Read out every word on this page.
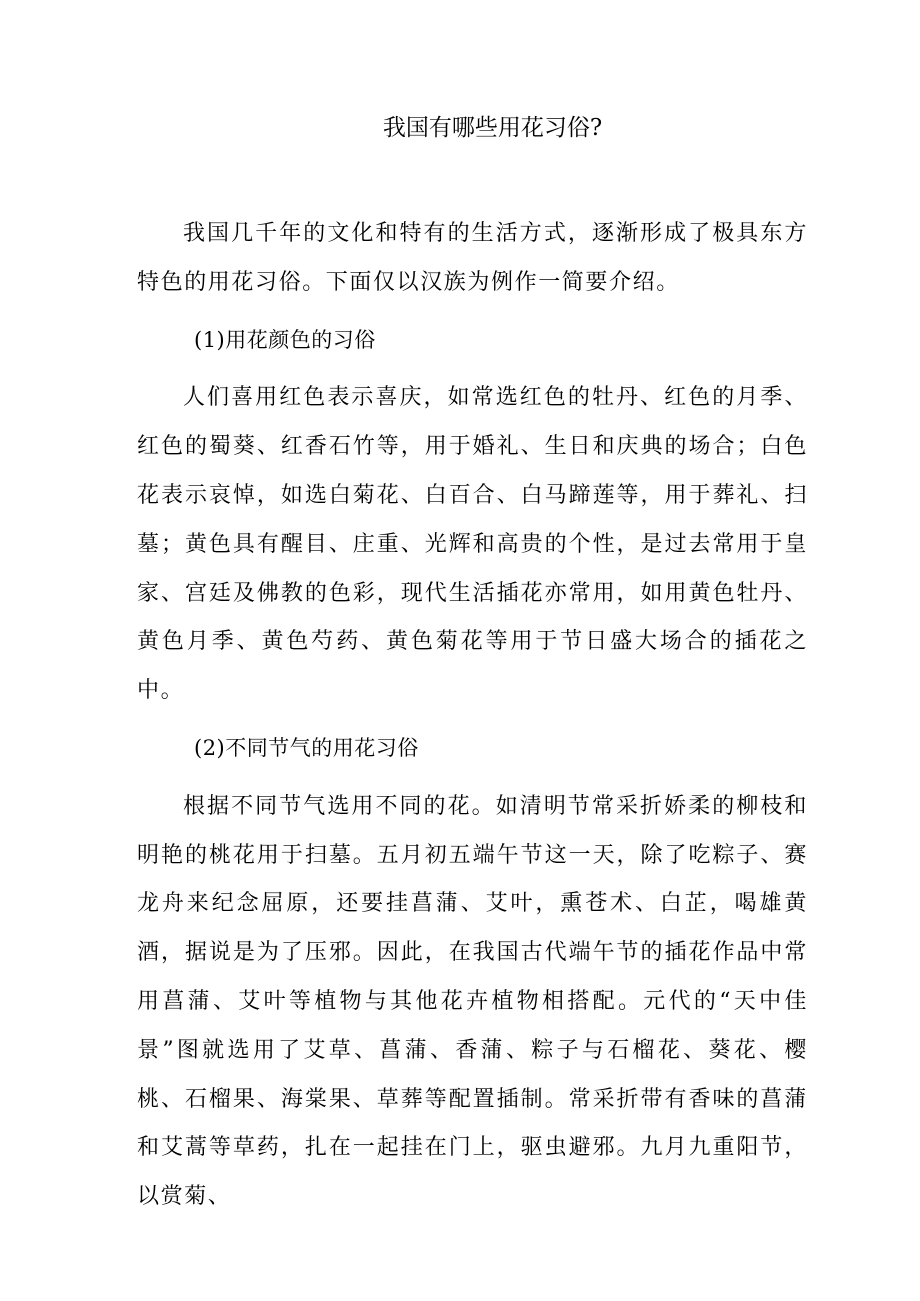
我国有哪些用花习俗?

我国几千年的文化和特有的生活方式，逐渐形成了极具东方特色的用花习俗。下面仅以汉族为例作一简要介绍。

(1)用花颜色的习俗

人们喜用红色表示喜庆，如常选红色的牡丹、红色的月季、红色的蜀葵、红香石竹等，用于婚礼、生日和庆典的场合；白色花表示哀悼，如选白菊花、白百合、白马蹄莲等，用于葬礼、扫墓；黄色具有醒目、庄重、光辉和高贵的个性，是过去常用于皇家、宫廷及佛教的色彩，现代生活插花亦常用，如用黄色牡丹、黄色月季、黄色芍药、黄色菊花等用于节日盛大场合的插花之中。

(2)不同节气的用花习俗

根据不同节气选用不同的花。如清明节常采折娇柔的柳枝和明艳的桃花用于扫墓。五月初五端午节这一天，除了吃粽子、赛龙舟来纪念屈原，还要挂菖蒲、艾叶，熏苍术、白芷，喝雄黄酒，据说是为了压邪。因此，在我国古代端午节的插花作品中常用菖蒲、艾叶等植物与其他花卉植物相搭配。元代的“天中佳景”图就选用了艾草、菖蒲、香蒲、粽子与石榴花、葵花、樱桃、石榴果、海棠果、草葬等配置插制。常采折带有香味的菖蒲和艾蒿等草药，扎在一起挂在门上，驱虫避邪。九月九重阳节，以赏菊、
